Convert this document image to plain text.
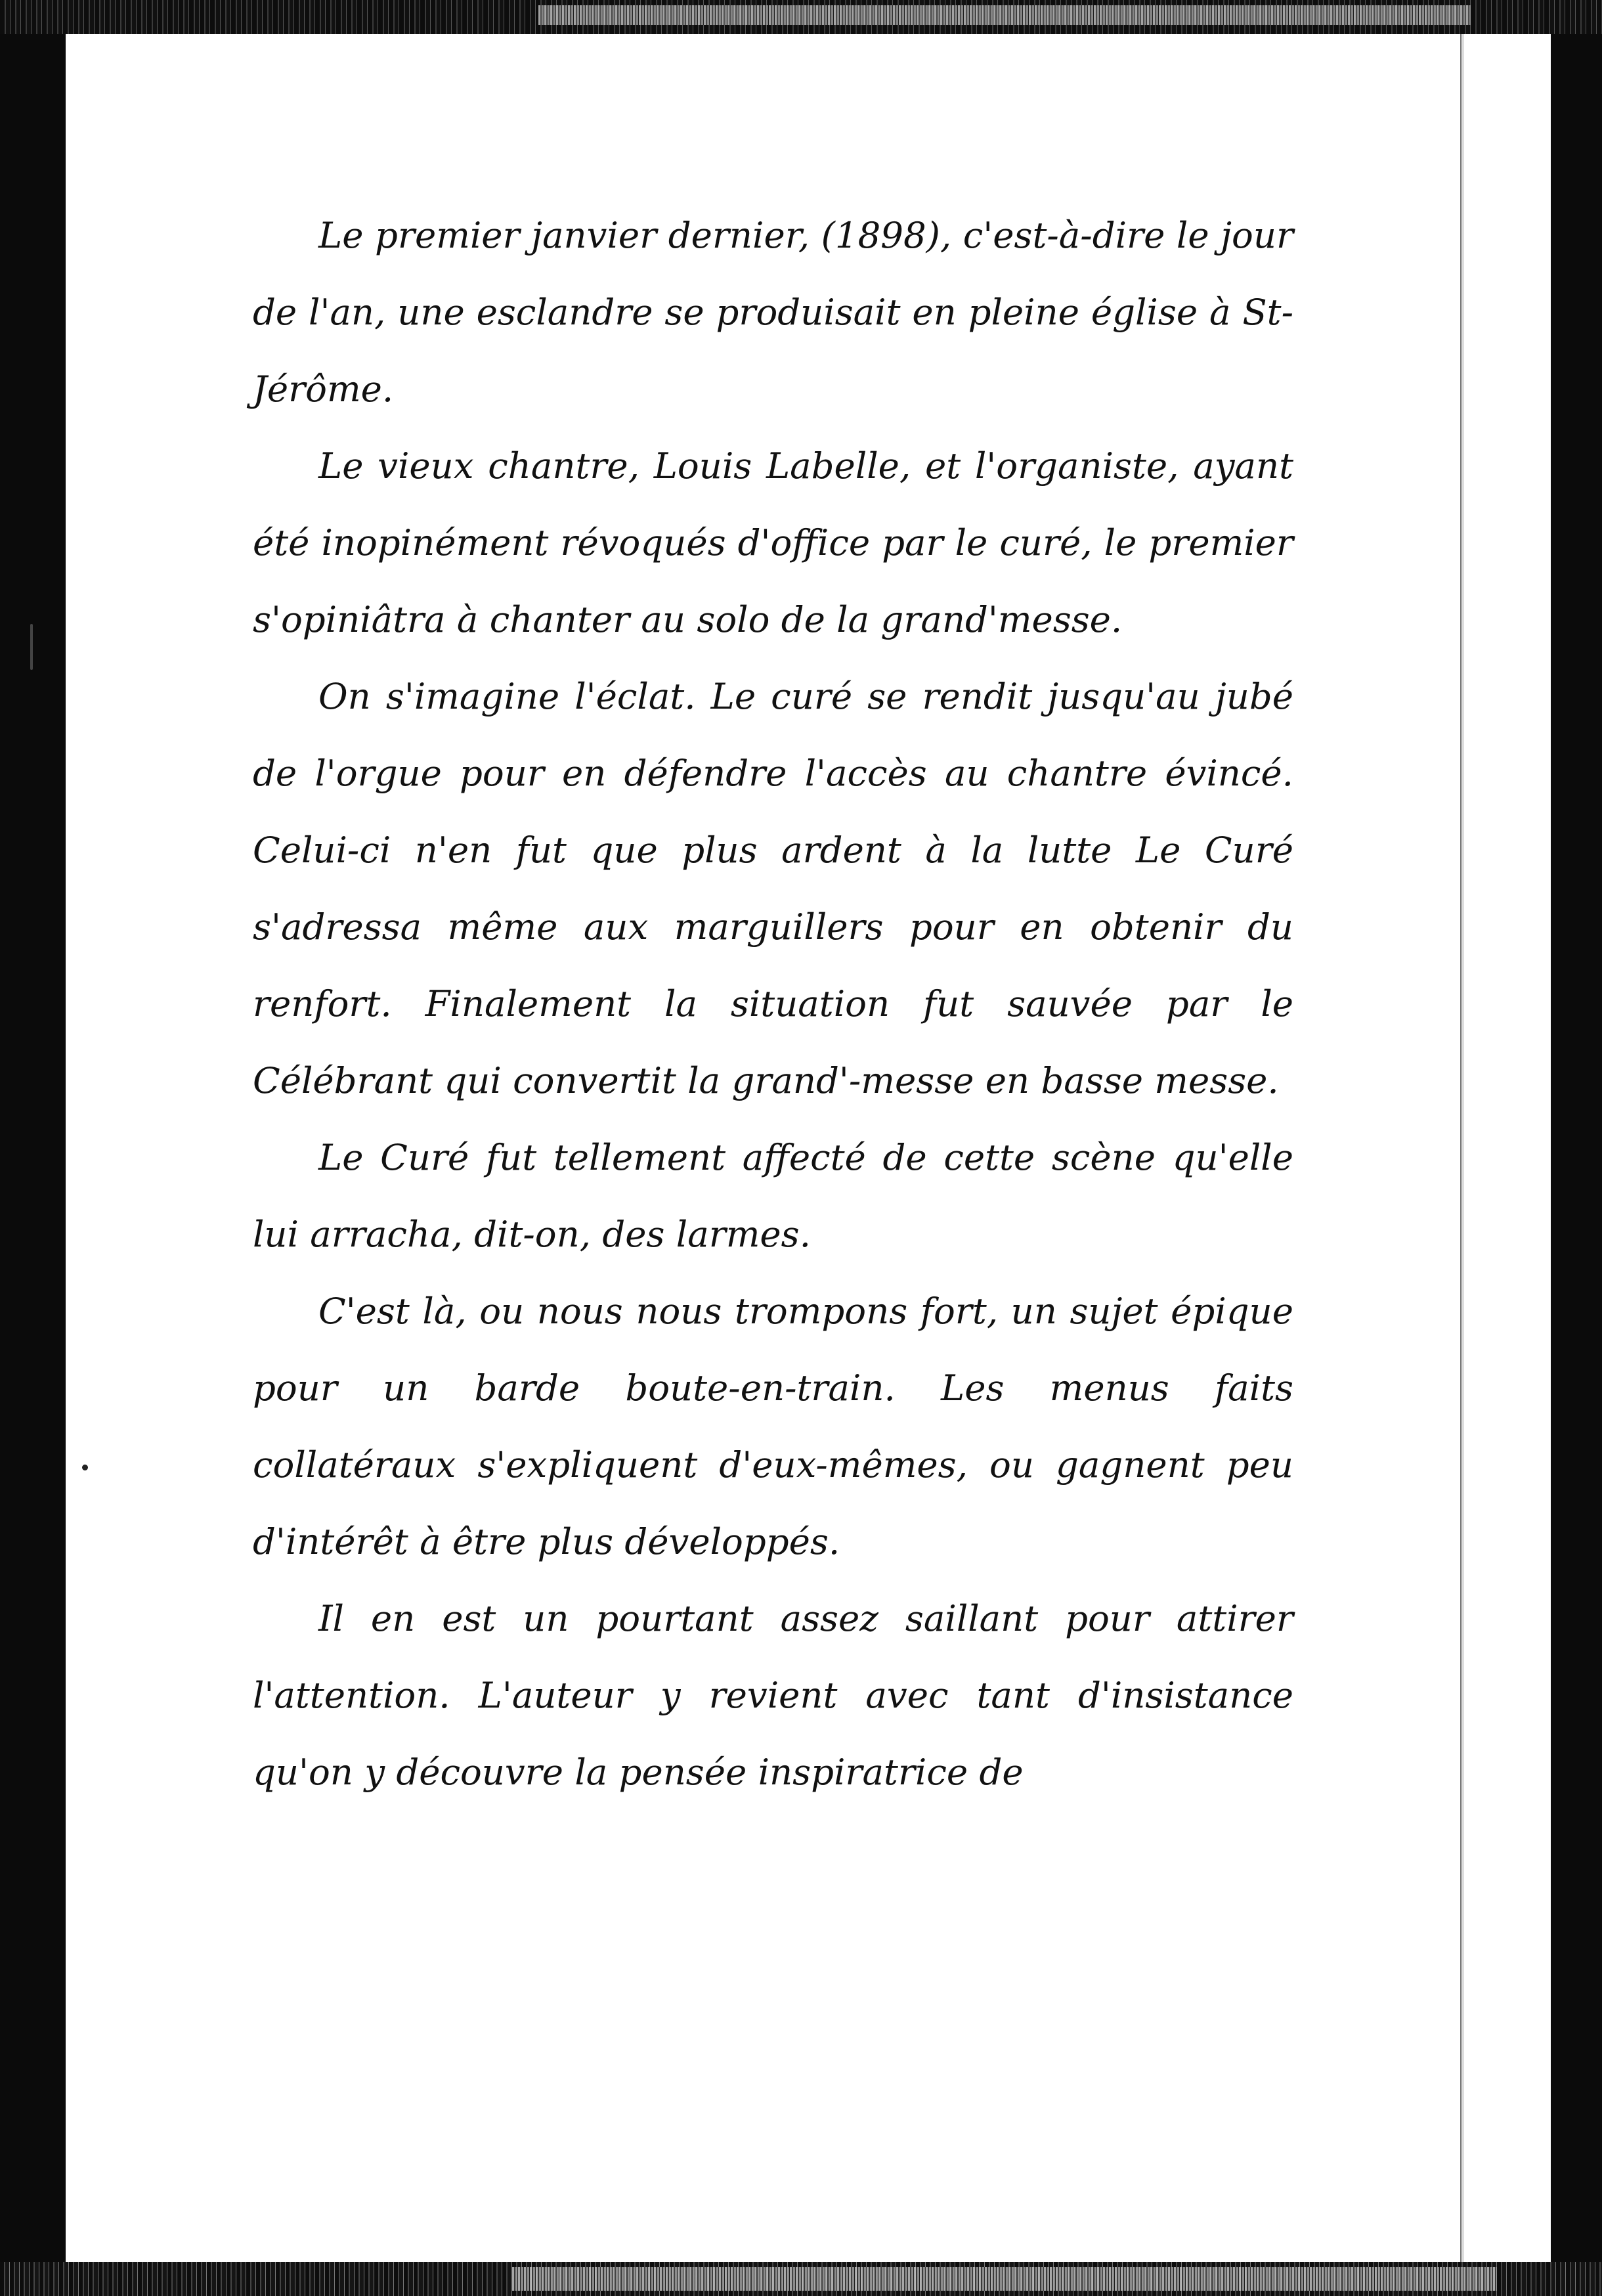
Le premier janvier dernier, (1898), c'est-à-dire le jour de l'an, une esclandre se produisait en pleine église à St-Jérôme.

Le vieux chantre, Louis Labelle, et l'organiste, ayant été inopinément révoqués d'office par le curé, le premier s'opiniâtra à chanter au solo de la grand'messe.

On s'imagine l'éclat. Le curé se rendit jusqu'au jubé de l'orgue pour en défendre l'accès au chantre évincé. Celui-ci n'en fut que plus ardent à la lutte Le Curé s'adressa même aux marguillers pour en obtenir du renfort. Finalement la situation fut sauvée par le Célébrant qui convertit la grand'-messe en basse messe.

Le Curé fut tellement affecté de cette scène qu'elle lui arracha, dit-on, des larmes.

C'est là, ou nous nous trompons fort, un sujet épique pour un barde boute-en-train. Les menus faits collatéraux s'expliquent d'eux-mêmes, ou gagnent peu d'intérêt à être plus développés.

Il en est un pourtant assez saillant pour attirer l'attention. L'auteur y revient avec tant d'insistance qu'on y découvre la pensée inspiratrice de
